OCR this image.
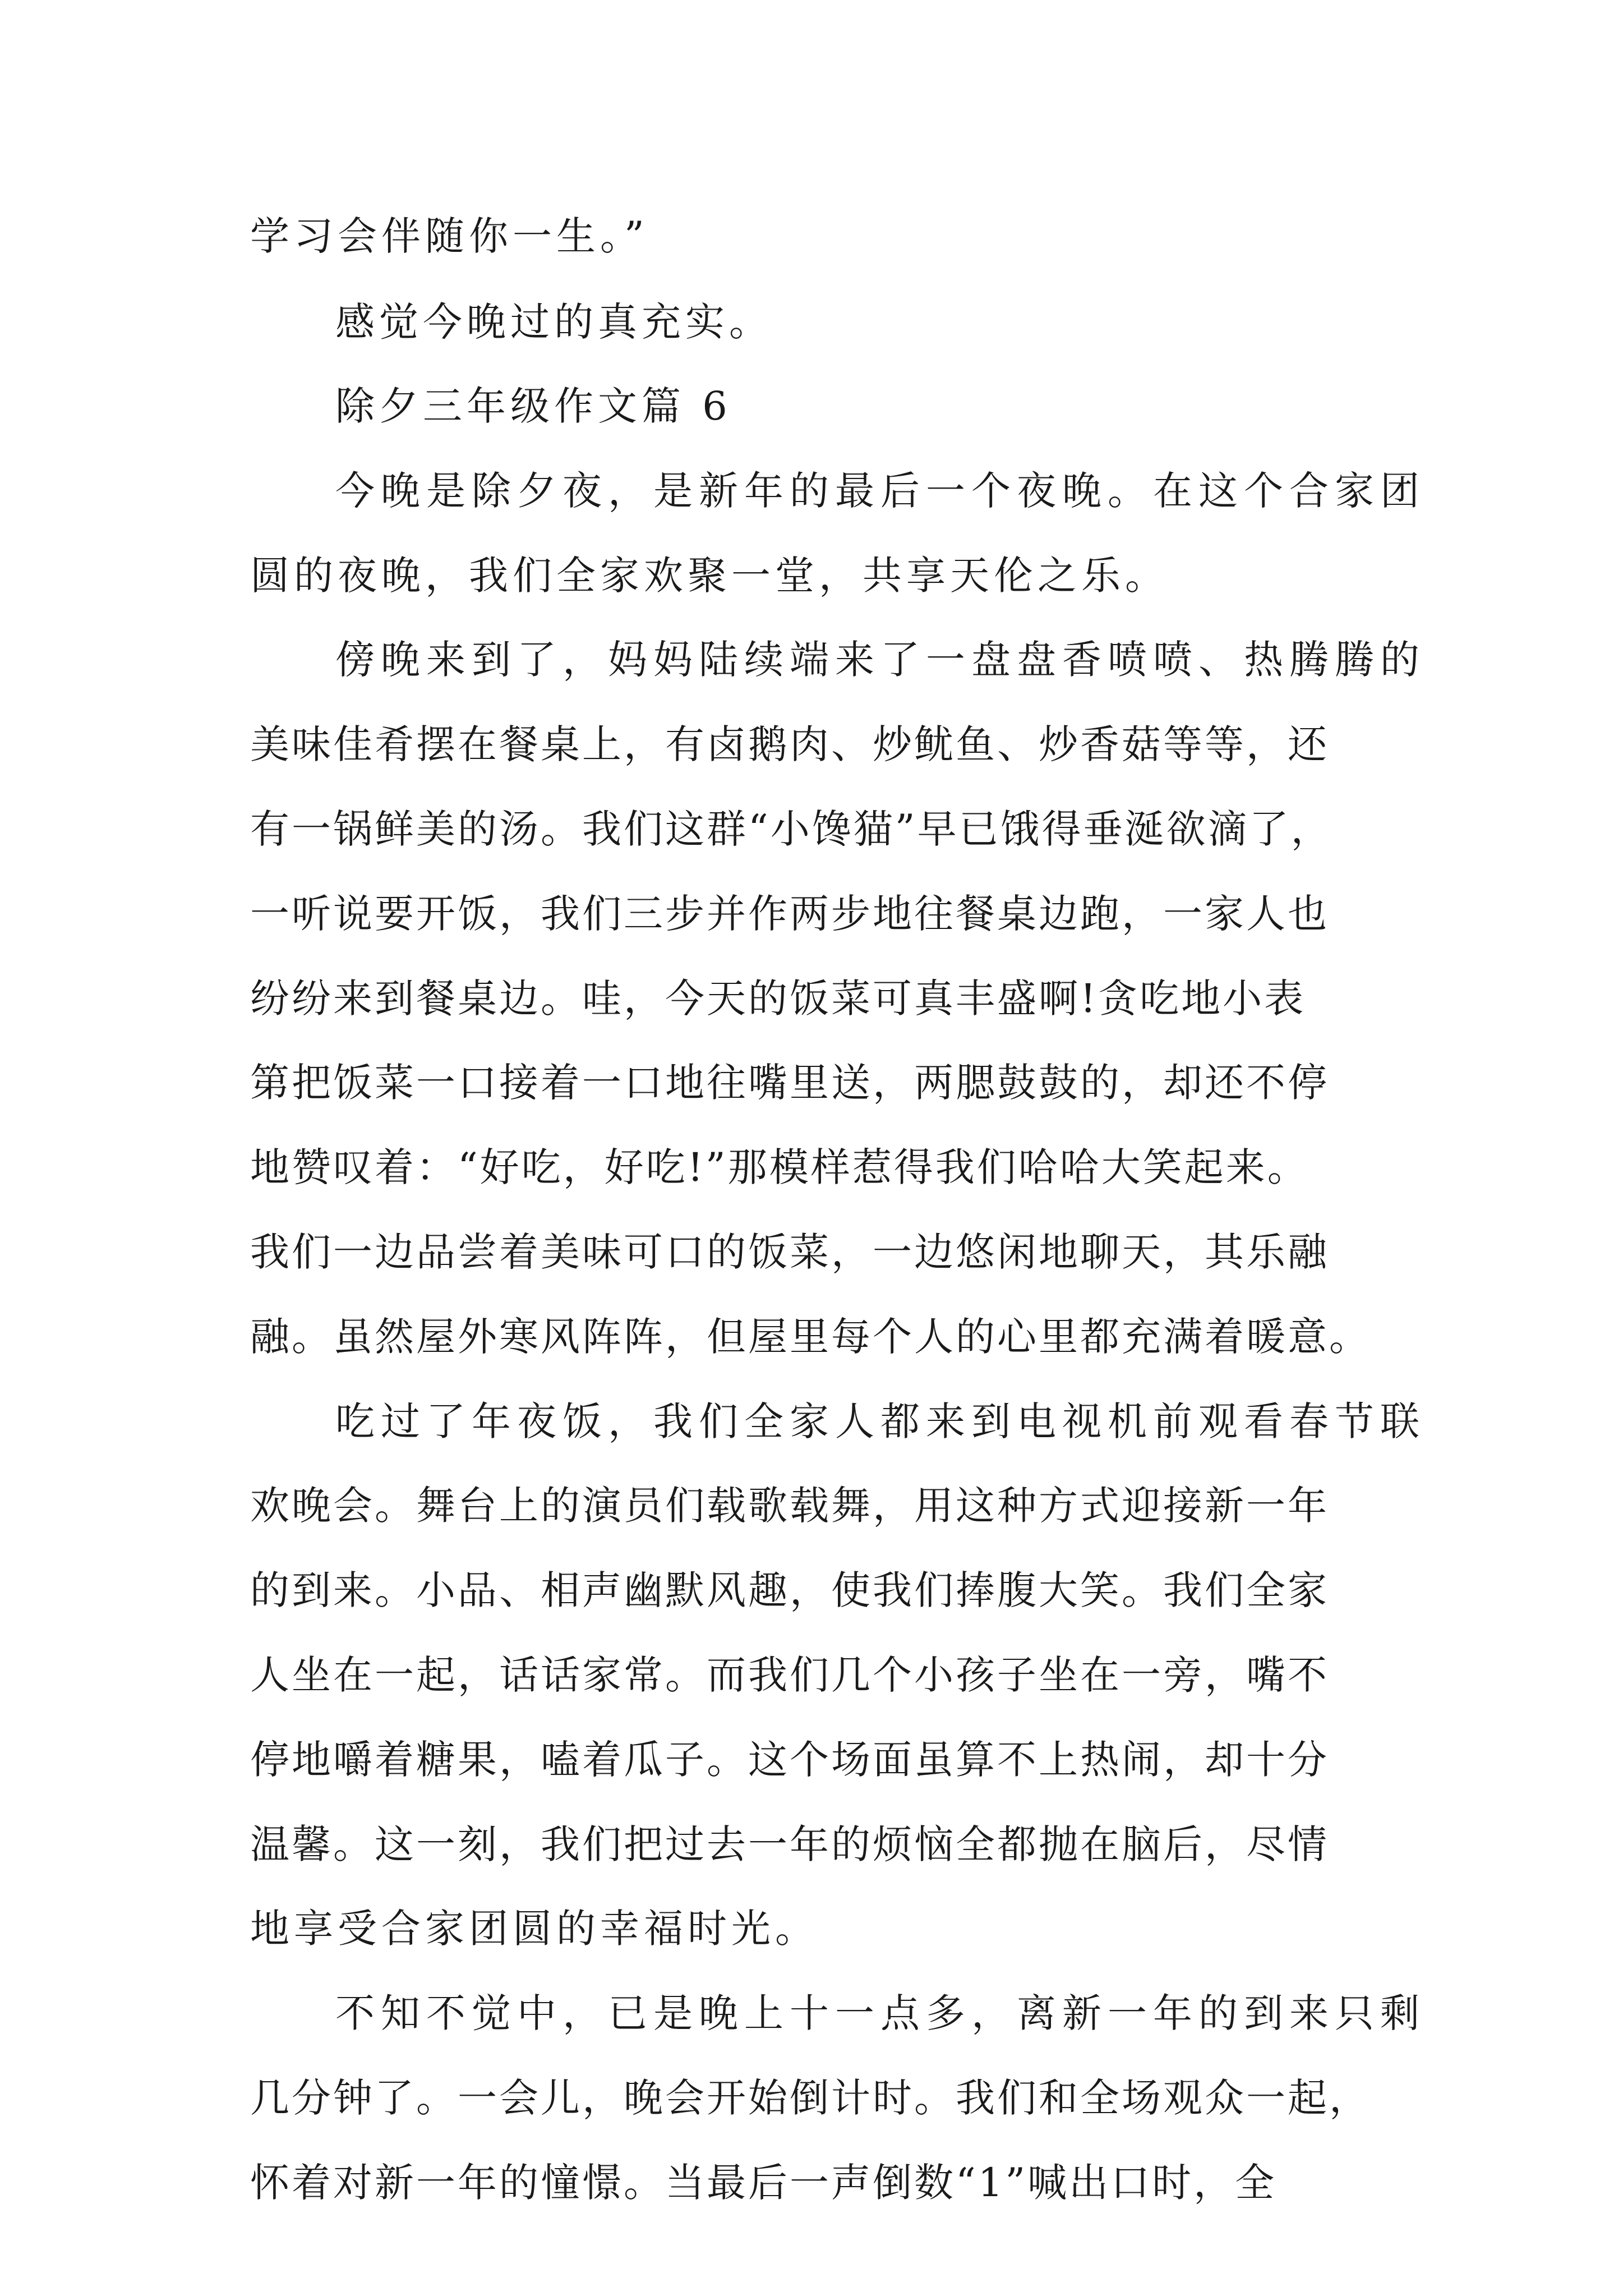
学习会伴随你一生。”
感觉今晚过的真充实。
除夕三年级作文篇 6
今晚是除夕夜，是新年的最后一个夜晚。在这个合家团
圆的夜晚，我们全家欢聚一堂，共享天伦之乐。
傍晚来到了，妈妈陆续端来了一盘盘香喷喷、热腾腾的
美味佳肴摆在餐桌上，有卤鹅肉、炒鱿鱼、炒香菇等等，还
有一锅鲜美的汤。我们这群“小馋猫”早已饿得垂涎欲滴了，
一听说要开饭，我们三步并作两步地往餐桌边跑，一家人也
纷纷来到餐桌边。哇，今天的饭菜可真丰盛啊!贪吃地小表
第把饭菜一口接着一口地往嘴里送，两腮鼓鼓的，却还不停
地赞叹着：“好吃，好吃!”那模样惹得我们哈哈大笑起来。
我们一边品尝着美味可口的饭菜，一边悠闲地聊天，其乐融
融。虽然屋外寒风阵阵，但屋里每个人的心里都充满着暖意。
吃过了年夜饭，我们全家人都来到电视机前观看春节联
欢晚会。舞台上的演员们载歌载舞，用这种方式迎接新一年
的到来。小品、相声幽默风趣，使我们捧腹大笑。我们全家
人坐在一起，话话家常。而我们几个小孩子坐在一旁，嘴不
停地嚼着糖果，嗑着瓜子。这个场面虽算不上热闹，却十分
温馨。这一刻，我们把过去一年的烦恼全都抛在脑后，尽情
地享受合家团圆的幸福时光。
不知不觉中，已是晚上十一点多，离新一年的到来只剩
几分钟了。一会儿，晚会开始倒计时。我们和全场观众一起，
怀着对新一年的憧憬。当最后一声倒数“1”喊出口时，全
